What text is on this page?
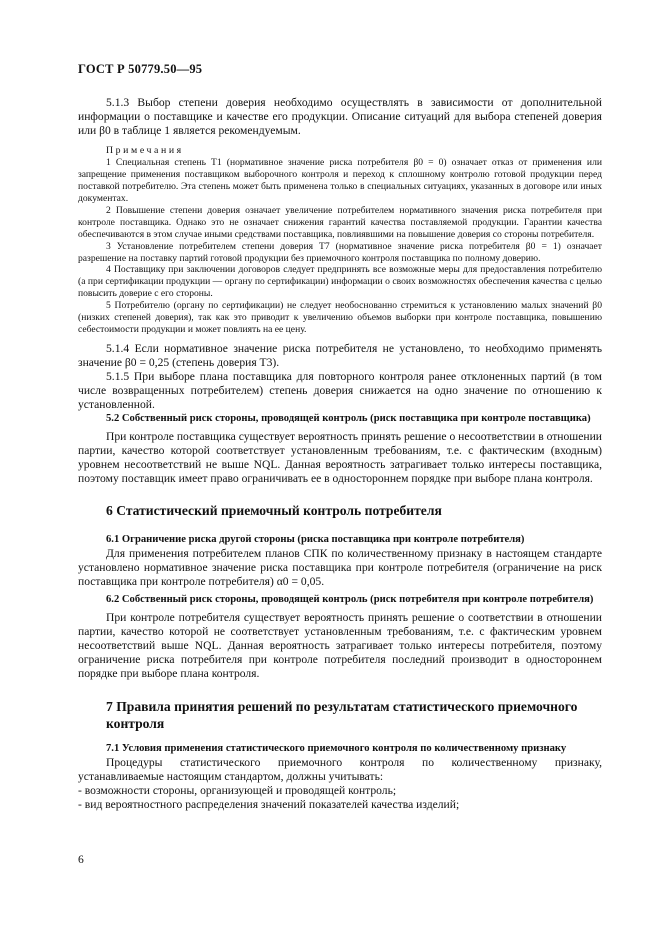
ГОСТ Р 50779.50—95

5.1.3 Выбор степени доверия необходимо осуществлять в зависимости от дополнительной информации о поставщике и качестве его продукции. Описание ситуаций для выбора степеней доверия или β0 в таблице 1 является рекомендуемым.

Примечания

1 Специальная степень Т1 (нормативное значение риска потребителя β0 = 0) означает отказ от применения или запрещение применения поставщиком выборочного контроля и переход к сплошному контролю готовой продукции перед поставкой потребителю. Эта степень может быть применена только в специальных ситуациях, указанных в договоре или иных документах.

2 Повышение степени доверия означает увеличение потребителем нормативного значения риска потребителя при контроле поставщика. Однако это не означает снижения гарантий качества поставляемой продукции. Гарантии качества обеспечиваются в этом случае иными средствами поставщика, повлиявшими на повышение доверия со стороны потребителя.

3 Установление потребителем степени доверия Т7 (нормативное значение риска потребителя β0 = 1) означает разрешение на поставку партий готовой продукции без приемочного контроля поставщика по полному доверию.

4 Поставщику при заключении договоров следует предпринять все возможные меры для предоставления потребителю (а при сертификации продукции — органу по сертификации) информации о своих возможностях обеспечения качества с целью повысить доверие с его стороны.

5 Потребителю (органу по сертификации) не следует необоснованно стремиться к установлению малых значений β0 (низких степеней доверия), так как это приводит к увеличению объемов выборки при контроле поставщика, повышению себестоимости продукции и может повлиять на ее цену.

5.1.4 Если нормативное значение риска потребителя не установлено, то необходимо применять значение β0 = 0,25 (степень доверия Т3).

5.1.5 При выборе плана поставщика для повторного контроля ранее отклоненных партий (в том числе возвращенных потребителем) степень доверия снижается на одно значение по отношению к установленной.

5.2 Собственный риск стороны, проводящей контроль (риск поставщика при контроле поставщика)

При контроле поставщика существует вероятность принять решение о несоответствии в отношении партии, качество которой соответствует установленным требованиям, т.е. с фактическим (входным) уровнем несоответствий не выше NQL. Данная вероятность затрагивает только интересы поставщика, поэтому поставщик имеет право ограничивать ее в одностороннем порядке при выборе плана контроля.

6 Статистический приемочный контроль потребителя

6.1 Ограничение риска другой стороны (риска поставщика при контроле потребителя)

Для применения потребителем планов СПК по количественному признаку в настоящем стандарте установлено нормативное значение риска поставщика при контроле потребителя (ограничение на риск поставщика при контроле потребителя) α0 = 0,05.

6.2 Собственный риск стороны, проводящей контроль (риск потребителя при контроле потребителя)

При контроле потребителя существует вероятность принять решение о соответствии в отношении партии, качество которой не соответствует установленным требованиям, т.е. с фактическим уровнем несоответствий выше NQL. Данная вероятность затрагивает только интересы потребителя, поэтому ограничение риска потребителя при контроле потребителя последний производит в одностороннем порядке при выборе плана контроля.

7 Правила принятия решений по результатам статистического приемочного контроля

7.1 Условия применения статистического приемочного контроля по количественному признаку

Процедуры статистического приемочного контроля по количественному признаку, устанавливаемые настоящим стандартом, должны учитывать:

- возможности стороны, организующей и проводящей контроль;

- вид вероятностного распределения значений показателей качества изделий;

6
